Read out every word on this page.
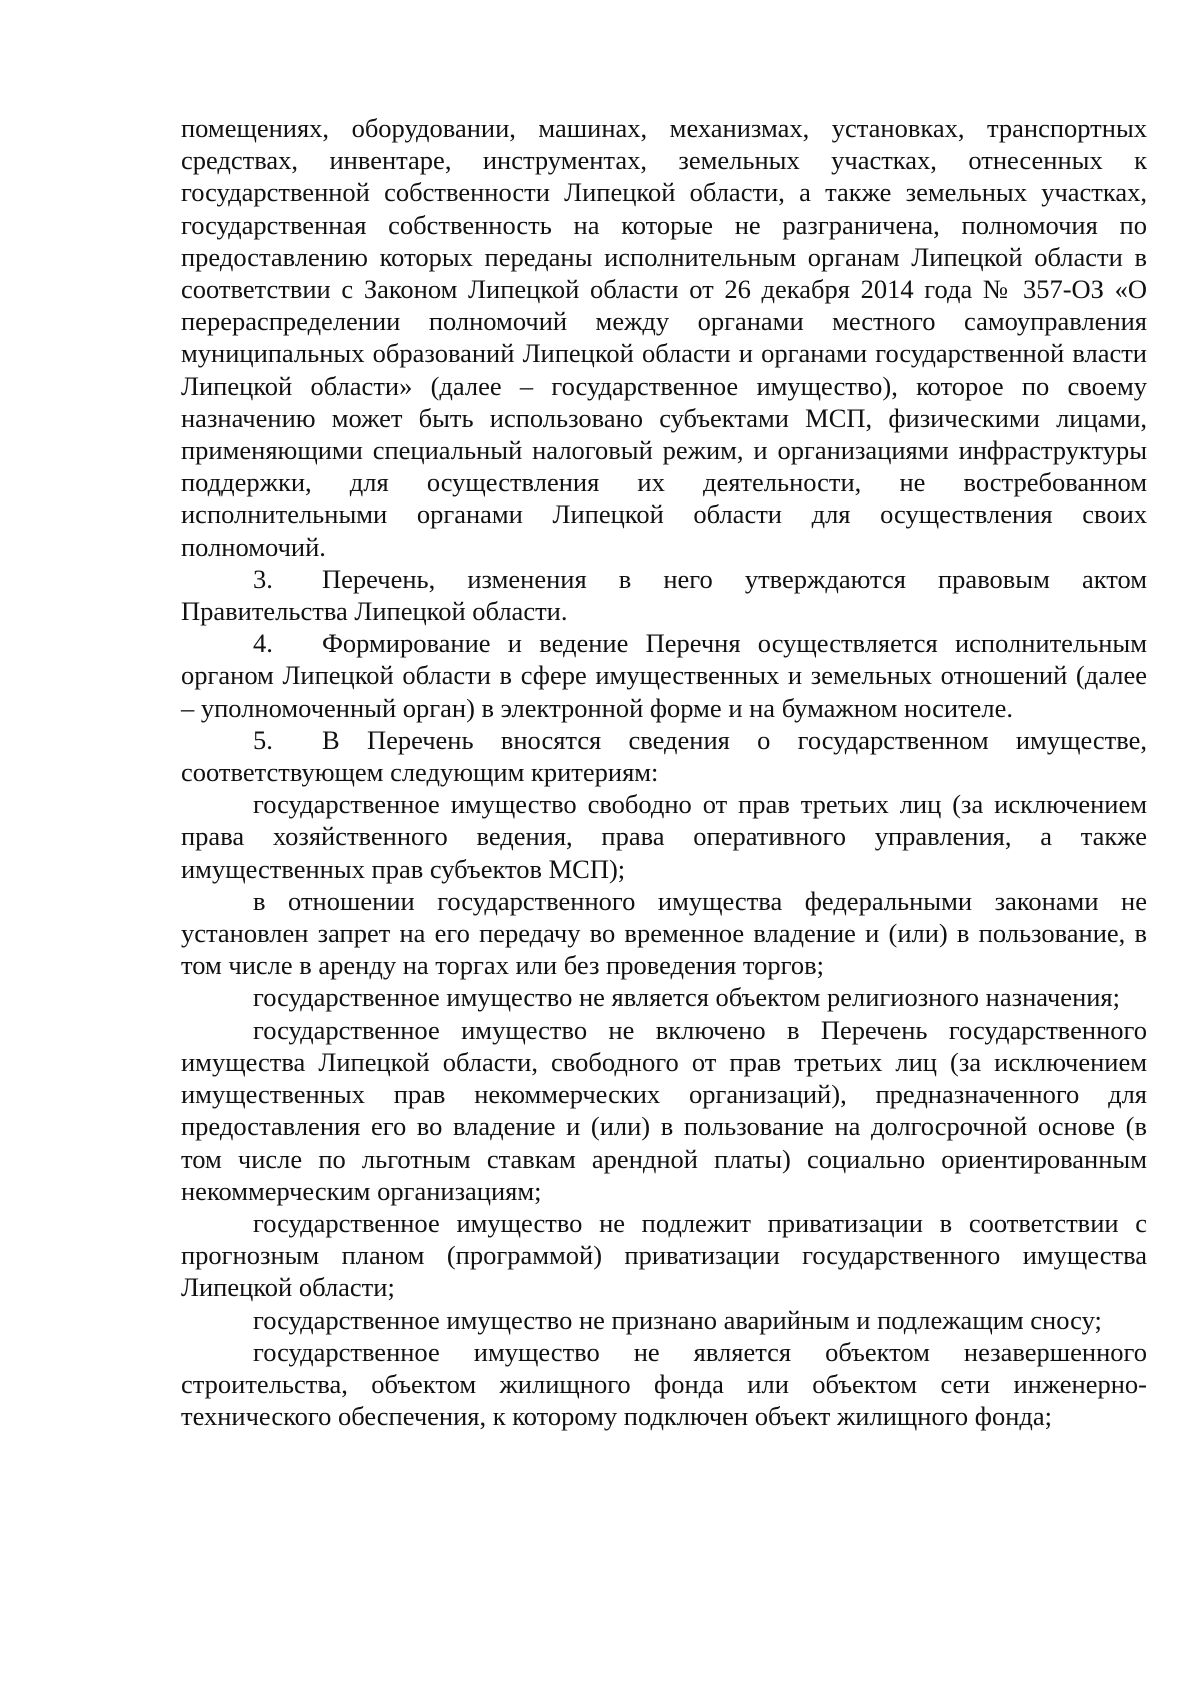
помещениях, оборудовании, машинах, механизмах, установках, транспортных средствах, инвентаре, инструментах, земельных участках, отнесенных к государственной собственности Липецкой области, а также земельных участках, государственная собственность на которые не разграничена, полномочия по предоставлению которых переданы исполнительным органам Липецкой области в соответствии с Законом Липецкой области от 26 декабря 2014 года № 357-ОЗ «О перераспределении полномочий между органами местного самоуправления муниципальных образований Липецкой области и органами государственной власти Липецкой области» (далее – государственное имущество), которое по своему назначению может быть использовано субъектами МСП, физическими лицами, применяющими специальный налоговый режим, и организациями инфраструктуры поддержки, для осуществления их деятельности, не востребованном исполнительными органами Липецкой области для осуществления своих полномочий.

3. Перечень, изменения в него утверждаются правовым актом Правительства Липецкой области.

4. Формирование и ведение Перечня осуществляется исполнительным органом Липецкой области в сфере имущественных и земельных отношений (далее – уполномоченный орган) в электронной форме и на бумажном носителе.

5. В Перечень вносятся сведения о государственном имуществе, соответствующем следующим критериям:

государственное имущество свободно от прав третьих лиц (за исключением права хозяйственного ведения, права оперативного управления, а также имущественных прав субъектов МСП);

в отношении государственного имущества федеральными законами не установлен запрет на его передачу во временное владение и (или) в пользование, в том числе в аренду на торгах или без проведения торгов;

государственное имущество не является объектом религиозного назначения;

государственное имущество не включено в Перечень государственного имущества Липецкой области, свободного от прав третьих лиц (за исключением имущественных прав некоммерческих организаций), предназначенного для предоставления его во владение и (или) в пользование на долгосрочной основе (в том числе по льготным ставкам арендной платы) социально ориентированным некоммерческим организациям;

государственное имущество не подлежит приватизации в соответствии с прогнозным планом (программой) приватизации государственного имущества Липецкой области;

государственное имущество не признано аварийным и подлежащим сносу;

государственное имущество не является объектом незавершенного строительства, объектом жилищного фонда или объектом сети инженерно-технического обеспечения, к которому подключен объект жилищного фонда;
